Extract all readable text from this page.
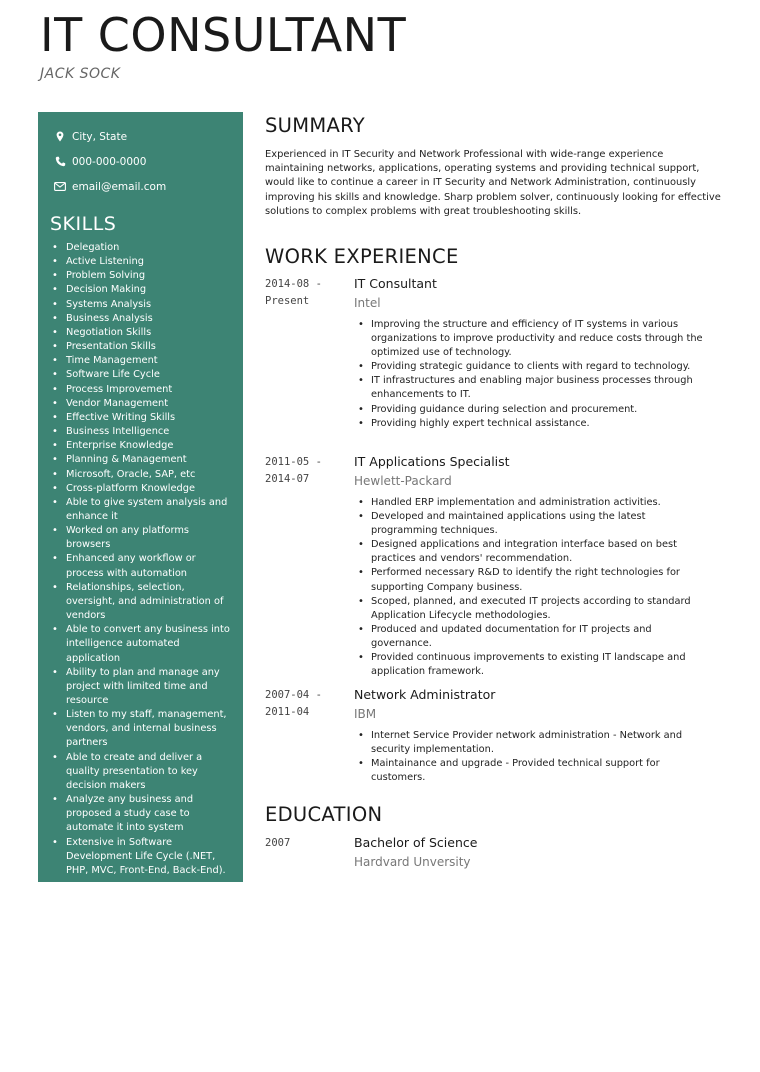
IT CONSULTANT
JACK SOCK
City, State
000-000-0000
email@email.com
SKILLS
• Delegation
• Active Listening
• Problem Solving
• Decision Making
• Systems Analysis
• Business Analysis
• Negotiation Skills
• Presentation Skills
• Time Management
• Software Life Cycle
• Process Improvement
• Vendor Management
• Effective Writing Skills
• Business Intelligence
• Enterprise Knowledge
• Planning & Management
• Microsoft, Oracle, SAP, etc
• Cross-platform Knowledge
• Able to give system analysis and enhance it
• Worked on any platforms browsers
• Enhanced any workflow or process with automation
• Relationships, selection, oversight, and administration of vendors
• Able to convert any business into intelligence automated application
• Ability to plan and manage any project with limited time and resource
• Listen to my staff, management, vendors, and internal business partners
• Able to create and deliver a quality presentation to key decision makers
• Analyze any business and proposed a study case to automate it into system
• Extensive in Software Development Life Cycle (.NET, PHP, MVC, Front-End, Back-End).
SUMMARY
Experienced in IT Security and Network Professional with wide-range experience maintaining networks, applications, operating systems and providing technical support, would like to continue a career in IT Security and Network Administration, continuously improving his skills and knowledge. Sharp problem solver, continuously looking for effective solutions to complex problems with great troubleshooting skills.
WORK EXPERIENCE
2014-08 -
Present
IT Consultant
Intel
• Improving the structure and efficiency of IT systems in various organizations to improve productivity and reduce costs through the optimized use of technology.
• Providing strategic guidance to clients with regard to technology.
• IT infrastructures and enabling major business processes through enhancements to IT.
• Providing guidance during selection and procurement.
• Providing highly expert technical assistance.
2011-05 -
2014-07
IT Applications Specialist
Hewlett-Packard
• Handled ERP implementation and administration activities.
• Developed and maintained applications using the latest programming techniques.
• Designed applications and integration interface based on best practices and vendors' recommendation.
• Performed necessary R&D to identify the right technologies for supporting Company business.
• Scoped, planned, and executed IT projects according to standard Application Lifecycle methodologies.
• Produced and updated documentation for IT projects and governance.
• Provided continuous improvements to existing IT landscape and application framework.
2007-04 -
2011-04
Network Administrator
IBM
• Internet Service Provider network administration - Network and security implementation.
• Maintainance and upgrade - Provided technical support for customers.
EDUCATION
2007	Bachelor of Science
Hardvard Unversity
